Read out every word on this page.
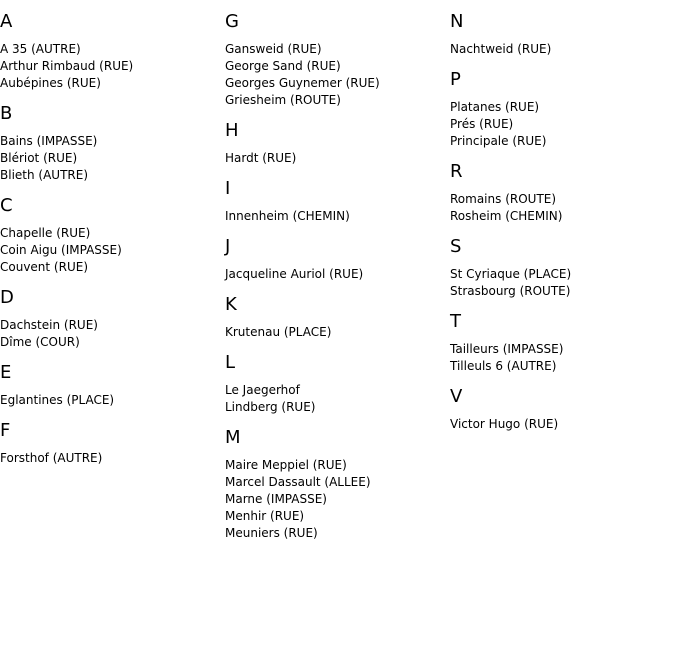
A
A 35 (AUTRE)
Arthur Rimbaud (RUE)
Aubépines (RUE)
B
Bains (IMPASSE)
Blériot (RUE)
Blieth (AUTRE)
C
Chapelle (RUE)
Coin Aigu (IMPASSE)
Couvent (RUE)
D
Dachstein (RUE)
Dîme (COUR)
E
Eglantines (PLACE)
F
Forsthof (AUTRE)
G
Gansweid (RUE)
George Sand (RUE)
Georges Guynemer (RUE)
Griesheim (ROUTE)
H
Hardt (RUE)
I
Innenheim (CHEMIN)
J
Jacqueline Auriol (RUE)
K
Krutenau (PLACE)
L
Le Jaegerhof
Lindberg (RUE)
M
Maire Meppiel (RUE)
Marcel Dassault (ALLEE)
Marne (IMPASSE)
Menhir (RUE)
Meuniers (RUE)
N
Nachtweid (RUE)
P
Platanes (RUE)
Prés (RUE)
Principale (RUE)
R
Romains (ROUTE)
Rosheim (CHEMIN)
S
St Cyriaque (PLACE)
Strasbourg (ROUTE)
T
Tailleurs (IMPASSE)
Tilleuls 6 (AUTRE)
V
Victor Hugo (RUE)
